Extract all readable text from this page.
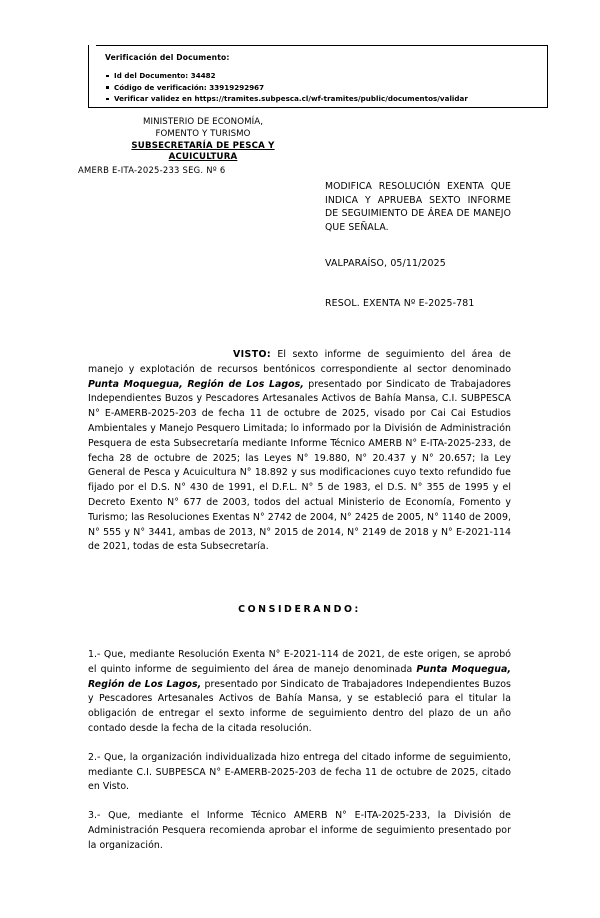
Verificación del Documento:
Id del Documento: 34482
Código de verificación: 33919292967
Verificar validez en https://tramites.subpesca.cl/wf-tramites/public/documentos/validar
MINISTERIO DE ECONOMÍA,
FOMENTO Y TURISMO
SUBSECRETARÍA DE PESCA Y
ACUICULTURA
AMERB E-ITA-2025-233 SEG. Nº 6
MODIFICA RESOLUCIÓN EXENTA QUE INDICA Y APRUEBA SEXTO INFORME DE SEGUIMIENTO DE ÁREA DE MANEJO QUE SEÑALA.
VALPARAÍSO, 05/11/2025
RESOL. EXENTA Nº E-2025-781

VISTO: El sexto informe de seguimiento del área de manejo y explotación de recursos bentónicos correspondiente al sector denominado Punta Moquegua, Región de Los Lagos, presentado por Sindicato de Trabajadores Independientes Buzos y Pescadores Artesanales Activos de Bahía Mansa, C.I. SUBPESCA N° E-AMERB-2025-203 de fecha 11 de octubre de 2025, visado por Cai Cai Estudios Ambientales y Manejo Pesquero Limitada; lo informado por la División de Administración Pesquera de esta Subsecretaría mediante Informe Técnico AMERB N° E-ITA-2025-233, de fecha 28 de octubre de 2025; las Leyes N° 19.880, N° 20.437 y N° 20.657; la Ley General de Pesca y Acuicultura N° 18.892 y sus modificaciones cuyo texto refundido fue fijado por el D.S. N° 430 de 1991, el D.F.L. N° 5 de 1983, el D.S. N° 355 de 1995 y el Decreto Exento N° 677 de 2003, todos del actual Ministerio de Economía, Fomento y Turismo; las Resoluciones Exentas N° 2742 de 2004, N° 2425 de 2005, N° 1140 de 2009, N° 555 y N° 3441, ambas de 2013, N° 2015 de 2014, N° 2149 de 2018 y N° E-2021-114 de 2021, todas de esta Subsecretaría.

CONSIDERANDO:

1.- Que, mediante Resolución Exenta N° E-2021-114 de 2021, de este origen, se aprobó el quinto informe de seguimiento del área de manejo denominada Punta Moquegua, Región de Los Lagos, presentado por Sindicato de Trabajadores Independientes Buzos y Pescadores Artesanales Activos de Bahía Mansa, y se estableció para el titular la obligación de entregar el sexto informe de seguimiento dentro del plazo de un año contado desde la fecha de la citada resolución.

2.- Que, la organización individualizada hizo entrega del citado informe de seguimiento, mediante C.I. SUBPESCA N° E-AMERB-2025-203 de fecha 11 de octubre de 2025, citado en Visto.

3.- Que, mediante el Informe Técnico AMERB N° E-ITA-2025-233, la División de Administración Pesquera recomienda aprobar el informe de seguimiento presentado por la organización.
